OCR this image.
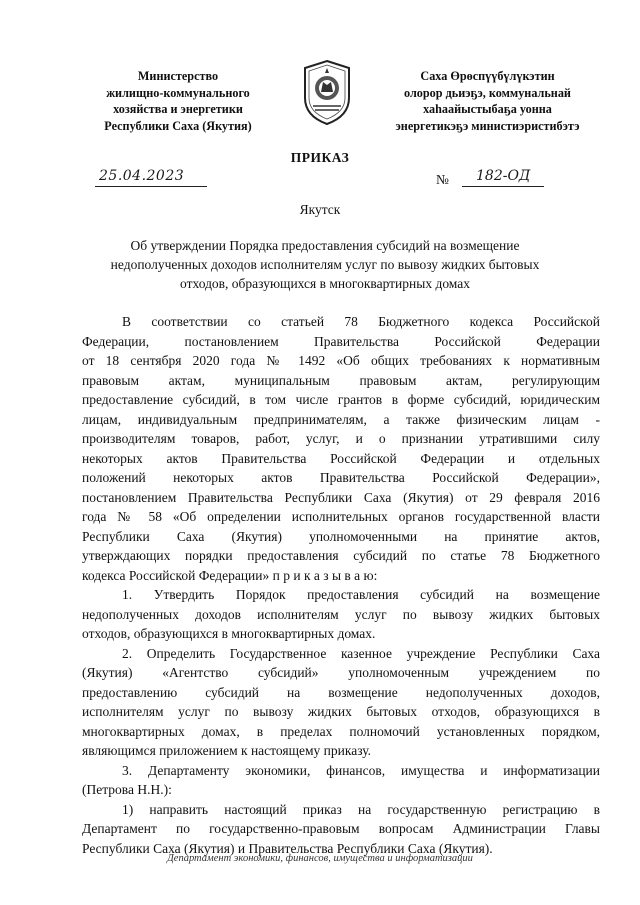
Министерство
жилищно-коммунального
хозяйства и энергетики
Республики Саха (Якутия)
Саха Өрөспүүбүлүкэтин
олорор дьиэҕэ, коммунальнай
хаһаайыстыбаҕа уонна
энергетикэҕэ министиэристибэтэ
ПРИКАЗ
25.04.2023	№ 182-ОД
Якутск
Об утверждении Порядка предоставления субсидий на возмещение
недополученных доходов исполнителям услуг по вывозу жидких бытовых
отходов, образующихся в многоквартирных домах
В соответствии со статьей 78 Бюджетного кодекса Российской
Федерации, постановлением Правительства Российской Федерации
от 18 сентября 2020 года № 1492 «Об общих требованиях к нормативным
правовым актам, муниципальным правовым актам, регулирующим
предоставление субсидий, в том числе грантов в форме субсидий, юридическим
лицам, индивидуальным предпринимателям, а также физическим лицам -
производителям товаров, работ, услуг, и о признании утратившими силу
некоторых актов Правительства Российской Федерации и отдельных
положений некоторых актов Правительства Российской Федерации»,
постановлением Правительства Республики Саха (Якутия) от 29 февраля 2016
года № 58 «Об определении исполнительных органов государственной власти
Республики Саха (Якутия) уполномоченными на принятие актов,
утверждающих порядки предоставления субсидий по статье 78 Бюджетного
кодекса Российской Федерации» п р и к а з ы в а ю:
1. Утвердить Порядок предоставления субсидий на возмещение
недополученных доходов исполнителям услуг по вывозу жидких бытовых
отходов, образующихся в многоквартирных домах.
2. Определить Государственное казенное учреждение Республики Саха
(Якутия) «Агентство субсидий» уполномоченным учреждением по
предоставлению субсидий на возмещение недополученных доходов,
исполнителям услуг по вывозу жидких бытовых отходов, образующихся в
многоквартирных домах, в пределах полномочий установленных порядком,
являющимся приложением к настоящему приказу.
3. Департаменту экономики, финансов, имущества и информатизации
(Петрова Н.Н.):
1) направить настоящий приказ на государственную регистрацию в
Департамент по государственно-правовым вопросам Администрации Главы
Республики Саха (Якутия) и Правительства Республики Саха (Якутия).
Департамент экономики, финансов, имущества и информатизации
